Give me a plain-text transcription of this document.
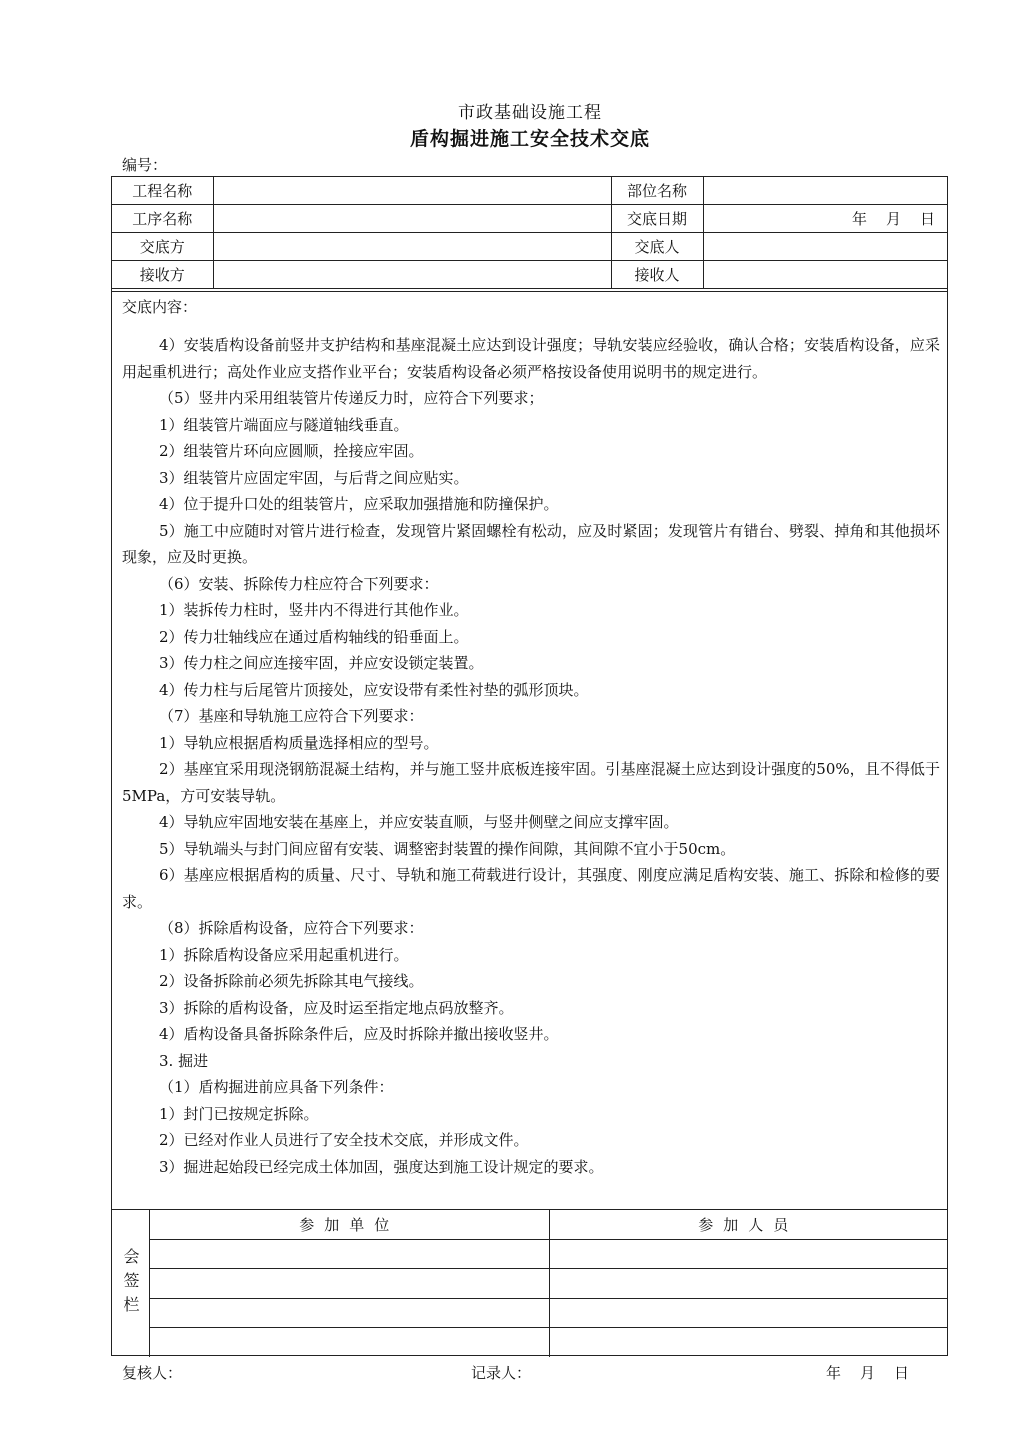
市政基础设施工程
盾构掘进施工安全技术交底
编号：
工程名称		部位名称	
工序名称		交底日期	年　月　日
交底方		交底人	
接收方		接收人	
交底内容：

4）安装盾构设备前竖井支护结构和基座混凝土应达到设计强度；导轨安装应经验收，确认合格；安装盾构设备，应采用起重机进行；高处作业应支搭作业平台；安装盾构设备必须严格按设备使用说明书的规定进行。

（5）竖井内采用组装管片传递反力时，应符合下列要求；

1）组装管片端面应与隧道轴线垂直。

2）组装管片环向应圆顺，拴接应牢固。

3）组装管片应固定牢固，与后背之间应贴实。

4）位于提升口处的组装管片，应采取加强措施和防撞保护。

5）施工中应随时对管片进行检查，发现管片紧固螺栓有松动，应及时紧固；发现管片有错台、劈裂、掉角和其他损坏现象，应及时更换。

（6）安装、拆除传力柱应符合下列要求：

1）装拆传力柱时，竖井内不得进行其他作业。

2）传力壮轴线应在通过盾构轴线的铅垂面上。

3）传力柱之间应连接牢固，并应安设锁定装置。

4）传力柱与后尾管片顶接处，应安设带有柔性衬垫的弧形顶块。

（7）基座和导轨施工应符合下列要求：

1）导轨应根据盾构质量选择相应的型号。

2）基座宜采用现浇钢筋混凝土结构，并与施工竖井底板连接牢固。引基座混凝土应达到设计强度的50%，且不得低于5MPa，方可安装导轨。

4）导轨应牢固地安装在基座上，并应安装直顺，与竖井侧壁之间应支撑牢固。

5）导轨端头与封门间应留有安装、调整密封装置的操作间隙，其间隙不宜小于50cm。

6）基座应根据盾构的质量、尺寸、导轨和施工荷载进行设计，其强度、刚度应满足盾构安装、施工、拆除和检修的要求。

（8）拆除盾构设备，应符合下列要求：

1）拆除盾构设备应采用起重机进行。

2）设备拆除前必须先拆除其电气接线。

3）拆除的盾构设备，应及时运至指定地点码放整齐。

4）盾构设备具备拆除条件后，应及时拆除并撤出接收竖井。

3. 掘进

（1）盾构掘进前应具备下列条件：

1）封门已按规定拆除。

2）已经对作业人员进行了安全技术交底，并形成文件。

3）掘进起始段已经完成土体加固，强度达到施工设计规定的要求。

会签栏
参加单位	参加人员

复核人：	记录人：	年　月　日
